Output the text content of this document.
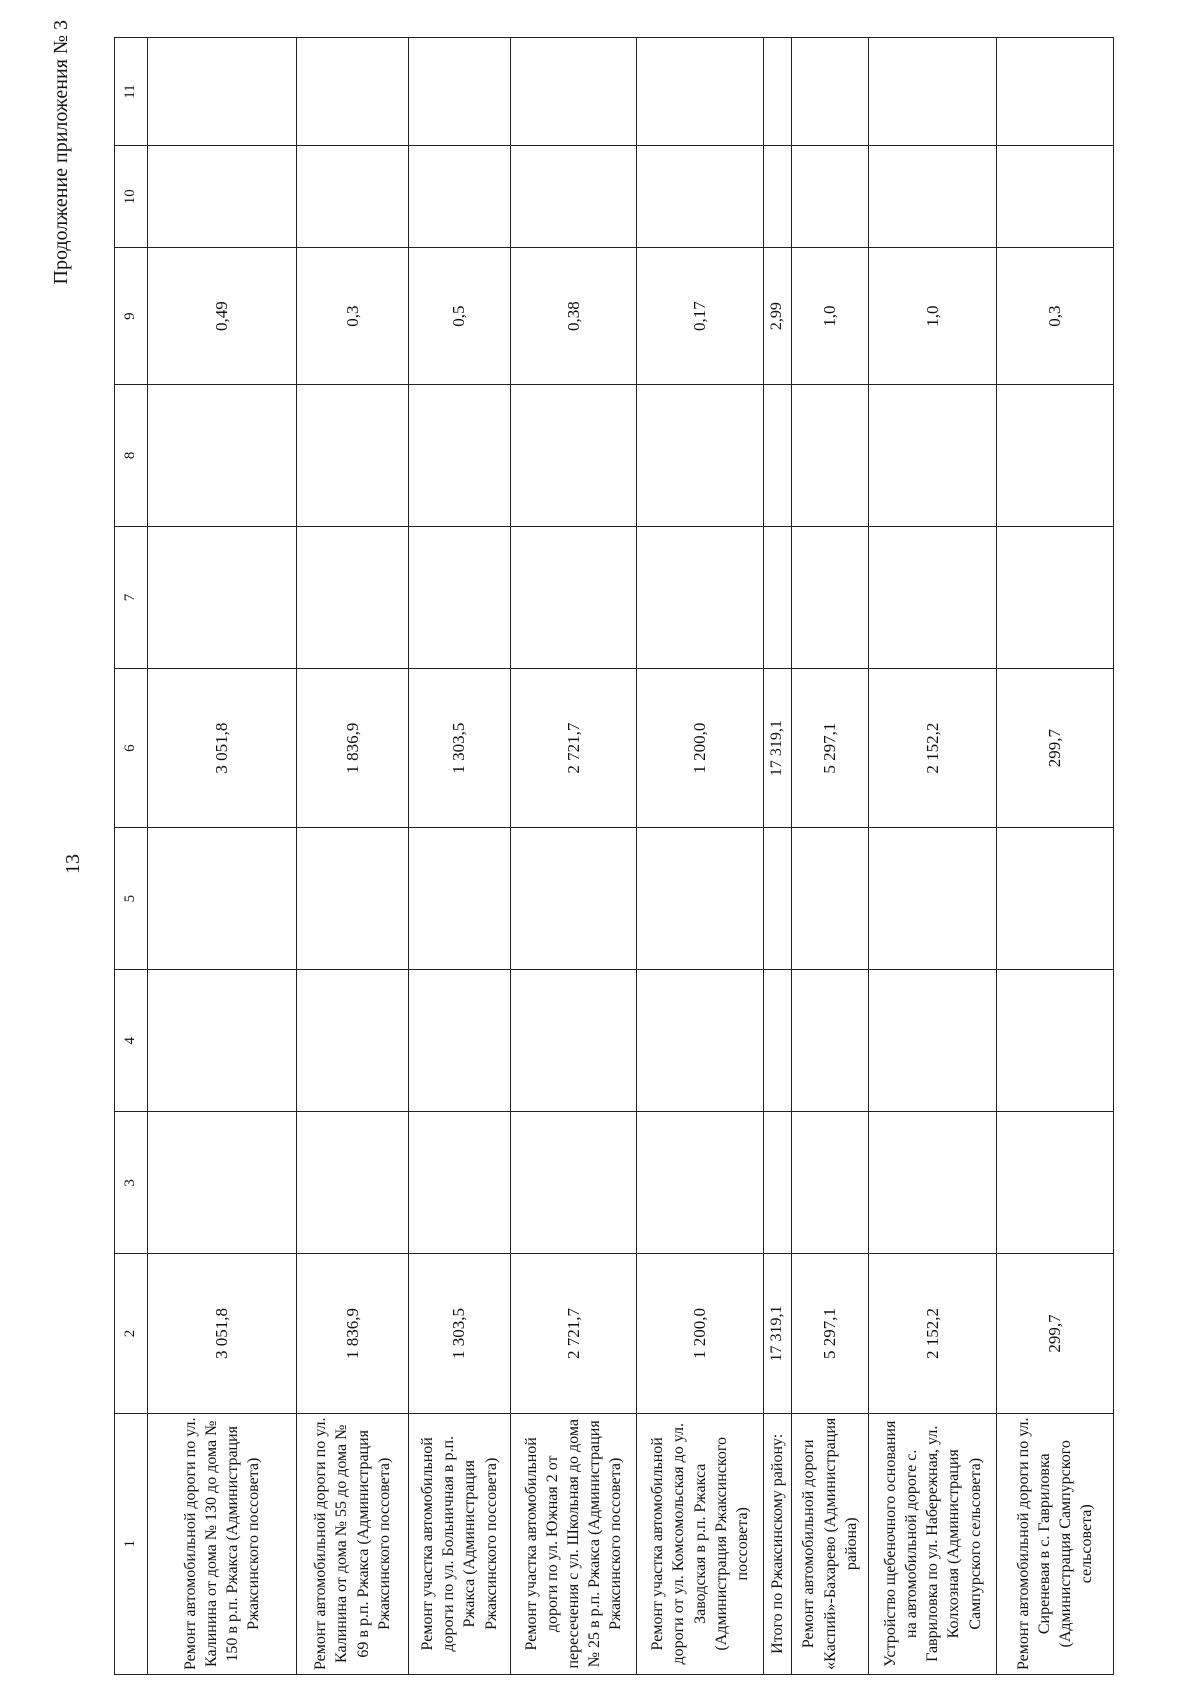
13
Продолжение приложения № 3
1	2	3	4	5	6	7	8	9	10	11
Ремонт автомобильной дороги по ул. Калинина от дома № 130 до дома № 150 в р.п. Ржакса (Администрация Ржаксинского поссовета)	3 051,8				3 051,8			0,49		
Ремонт автомобильной дороги по ул. Калинина от дома № 55 до дома № 69 в р.п. Ржакса (Администрация Ржаксинского поссовета)	1 836,9				1 836,9			0,3		
Ремонт участка автомобильной дороги по ул. Больничная в р.п. Ржакса (Администрация Ржаксинского поссовета)	1 303,5				1 303,5			0,5		
Ремонт участка автомобильной дороги по ул. Южная 2 от пересечения с ул. Школьная до дома № 25 в р.п. Ржакса (Администрация Ржаксинского поссовета)	2 721,7				2 721,7			0,38		
Ремонт участка автомобильной дороги от ул. Комсомольская до ул. Заводская в р.п. Ржакса (Администрация Ржаксинского поссовета)	1 200,0				1 200,0			0,17		
Итого по Ржаксинскому району:	17 319,1				17 319,1			2,99		
Ремонт автомобильной дороги «Каспий»-Бахарево (Администрация района)	5 297,1				5 297,1			1,0		
Устройство щебеночного основания на автомобильной дороге с. Гавриловка по ул. Набережная, ул. Колхозная (Администрация Сампурского сельсовета)	2 152,2				2 152,2			1,0		
Ремонт автомобильной дороги по ул. Сиреневая в с. Гавриловка (Администрация Сампурского сельсовета)	299,7				299,7			0,3		
